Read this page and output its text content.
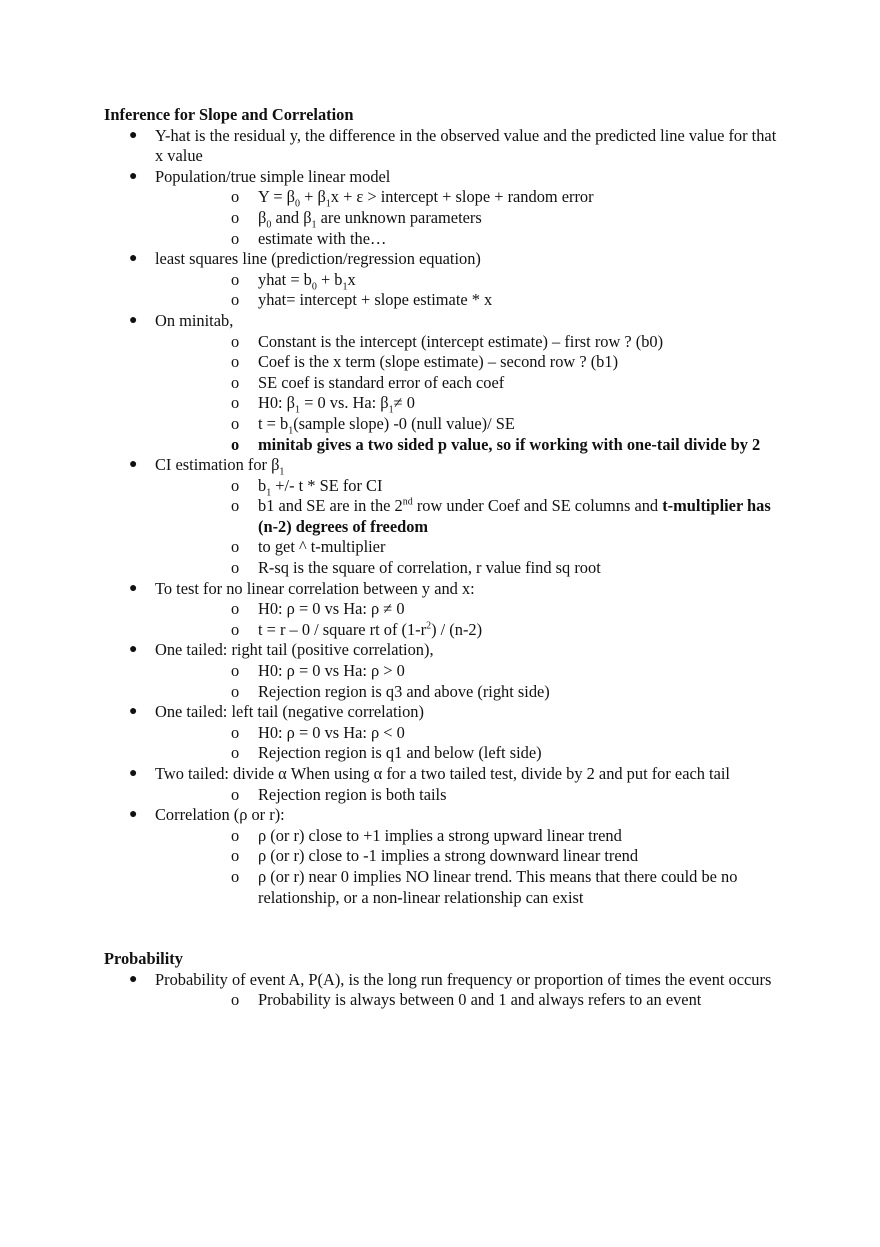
Inference for Slope and Correlation

● Y-hat is the residual y, the difference in the observed value and the predicted line value for that x value
● Population/true simple linear model
o $Y = \beta_0 + \beta_1x + \varepsilon$ > intercept + slope + random error
o $\beta_0$ and $\beta_1$ are unknown parameters
o estimate with the…
● least squares line (prediction/regression equation)
o yhat = $b_0 + b_1x$
o yhat= intercept + slope estimate * x
● On minitab,
o Constant is the intercept (intercept estimate) – first row ? (b0)
o Coef is the x term (slope estimate) – second row ? (b1)
o SE coef is standard error of each coef
o H0: $\beta_1 = 0$ vs. Ha: $\beta_1\ne 0$
o $t = b_1(sample$ slope) -0 (null value)/ SE
o minitab gives a two sided p value, so if working with one-tail divide by 2
● CI estimation for $\beta_1$
o $b_1$ +/- t * SE for CI
o b1 and SE are in the 2nd row under Coef and SE columns and t-multiplier has (n-2) degrees of freedom
o to get ^ t-multiplier
o R-sq is the square of correlation, r value find sq root
● To test for no linear correlation between y and x:
o H0: ρ = 0 vs Ha: ρ ≠ 0
o t = r – 0 / square rt of $(1-r^2) / (n-2)$
● One tailed: right tail (positive correlation),
o H0: ρ = 0 vs Ha: ρ > 0
o Rejection region is q3 and above (right side)
● One tailed: left tail (negative correlation)
o H0: ρ = 0 vs Ha: ρ < 0
o Rejection region is q1 and below (left side)
● Two tailed: divide α When using α for a two tailed test, divide by 2 and put for each tail
o Rejection region is both tails
● Correlation (ρ or r):
o ρ (or r) close to +1 implies a strong upward linear trend
o ρ (or r) close to -1 implies a strong downward linear trend
o ρ (or r) near 0 implies NO linear trend. This means that there could be no relationship, or a non-linear relationship can exist

Probability

● Probability of event A, P(A), is the long run frequency or proportion of times the event occurs
o Probability is always between 0 and 1 and always refers to an event
